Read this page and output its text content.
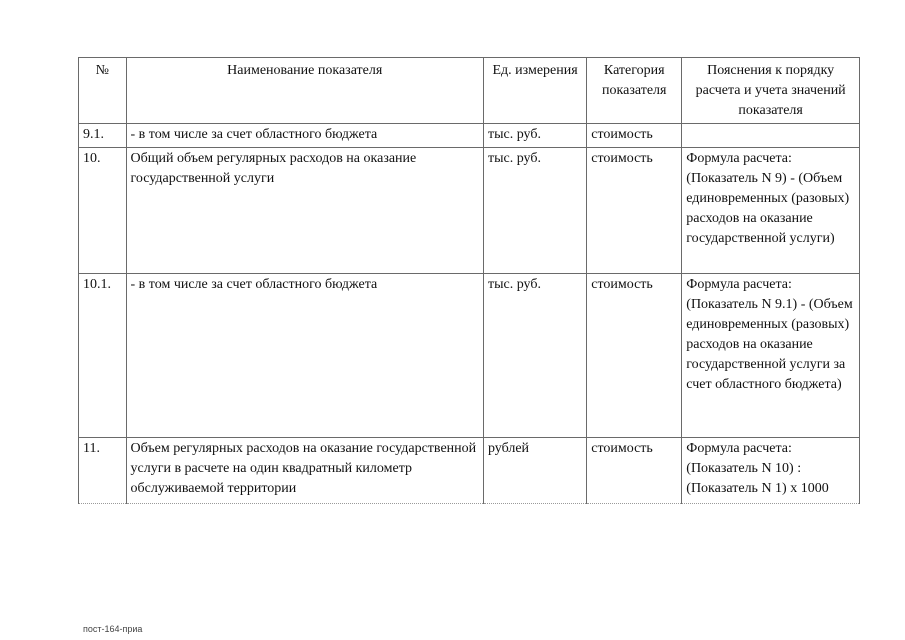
№	Наименование показателя	Ед. измерения	Категория показателя	Пояснения к порядку расчета и учета значений показателя
9.1.	- в том числе за счет областного бюджета	тыс. руб.	стоимость	
10.	Общий объем регулярных расходов на оказание государственной услуги	тыс. руб.	стоимость	Формула расчета: (Показатель N 9) - (Объем единовременных (разовых) расходов на оказание государственной услуги)
10.1.	- в том числе за счет областного бюджета	тыс. руб.	стоимость	Формула расчета: (Показатель N 9.1) - (Объем единовременных (разовых) расходов на оказание государственной услуги за счет областного бюджета)
11.	Объем регулярных расходов на оказание государственной услуги в расчете на один квадратный километр обслуживаемой территории	рублей	стоимость	Формула расчета: (Показатель N 10) : (Показатель N 1) x 1000
пост-164-приа
